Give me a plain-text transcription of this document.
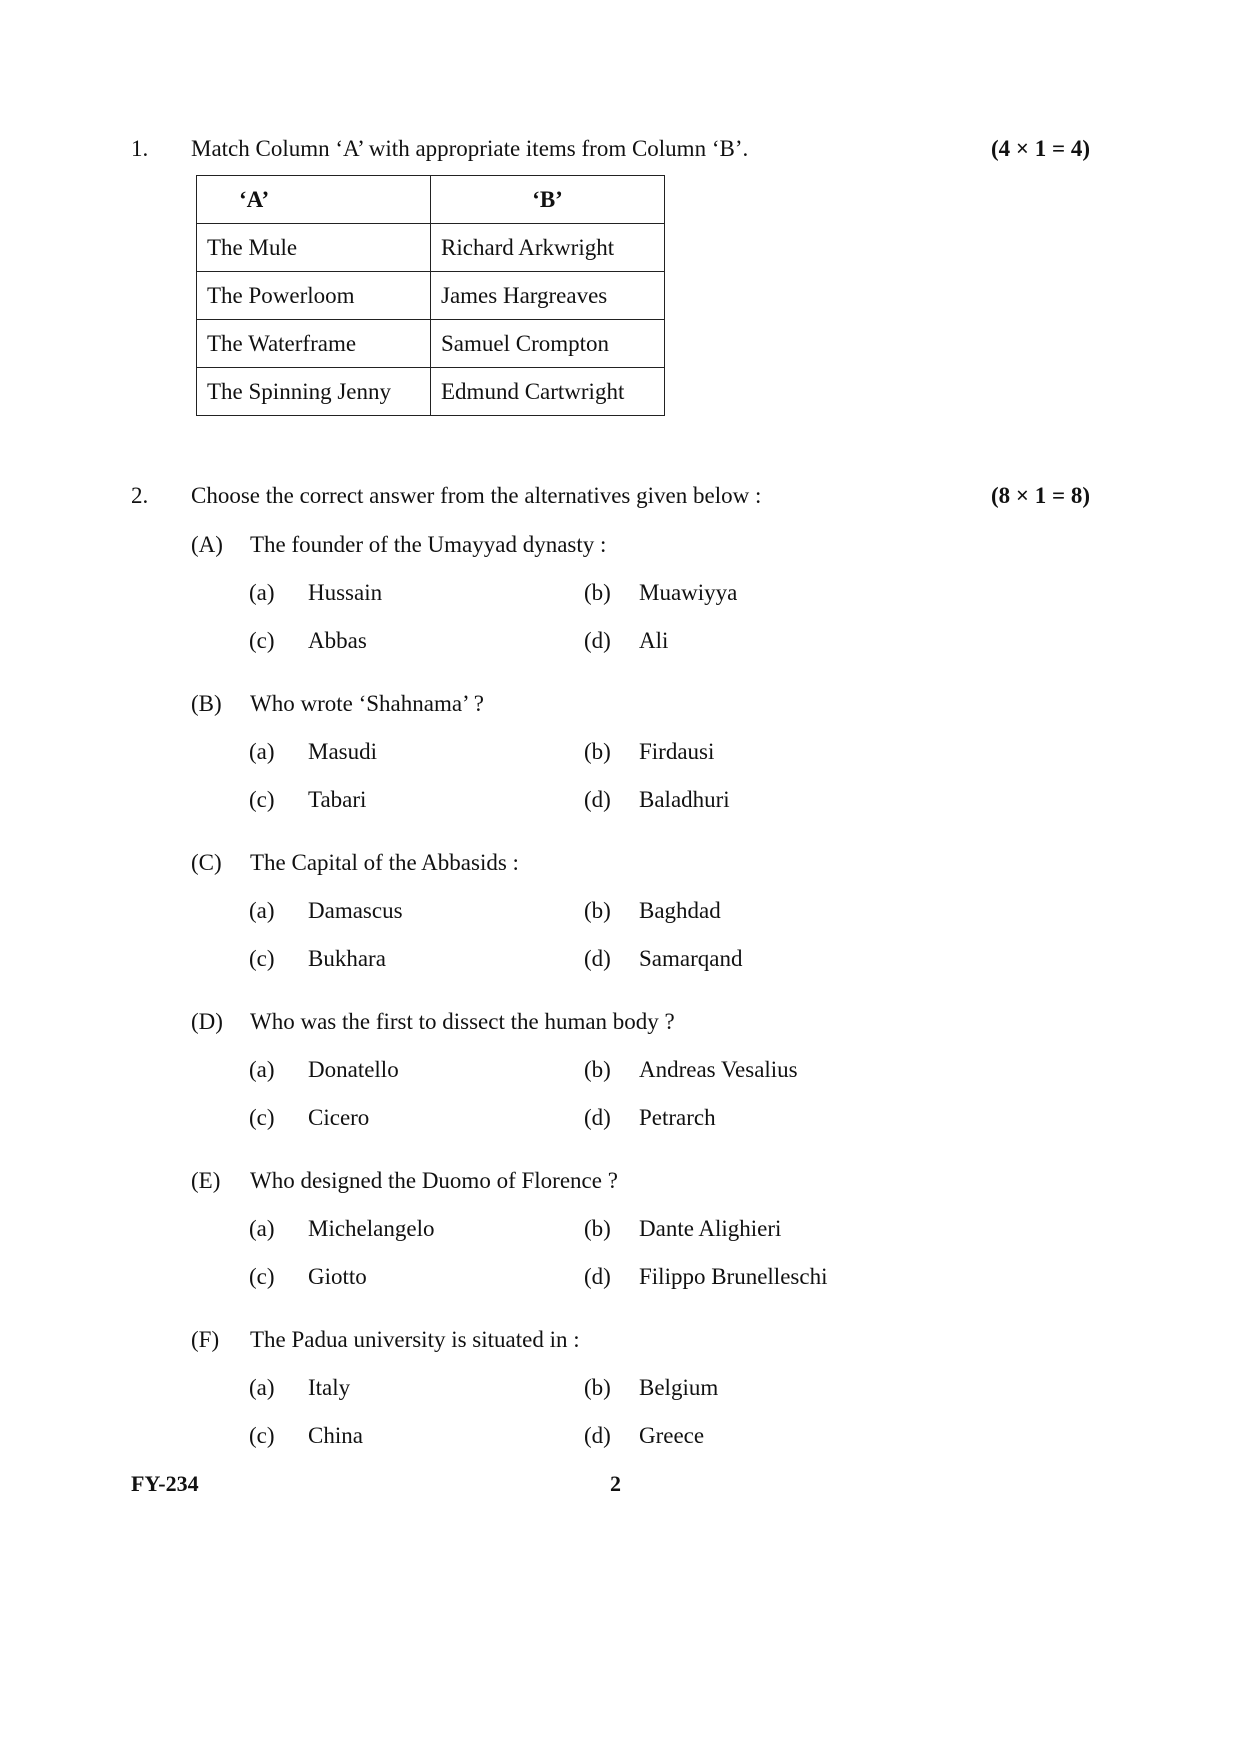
1. Match Column ‘A’ with appropriate items from Column ‘B’.	(4 × 1 = 4)
‘A’	‘B’
The Mule	Richard Arkwright
The Powerloom	James Hargreaves
The Waterframe	Samuel Crompton
The Spinning Jenny	Edmund Cartwright
2. Choose the correct answer from the alternatives given below :	(8 × 1 = 8)
(A) The founder of the Umayyad dynasty :
(a) Hussain	(b) Muawiyya
(c) Abbas	(d) Ali
(B) Who wrote ‘Shahnama’ ?
(a) Masudi	(b) Firdausi
(c) Tabari	(d) Baladhuri
(C) The Capital of the Abbasids :
(a) Damascus	(b) Baghdad
(c) Bukhara	(d) Samarqand
(D) Who was the first to dissect the human body ?
(a) Donatello	(b) Andreas Vesalius
(c) Cicero	(d) Petrarch
(E) Who designed the Duomo of Florence ?
(a) Michelangelo	(b) Dante Alighieri
(c) Giotto	(d) Filippo Brunelleschi
(F) The Padua university is situated in :
(a) Italy	(b) Belgium
(c) China	(d) Greece
FY-234	2
